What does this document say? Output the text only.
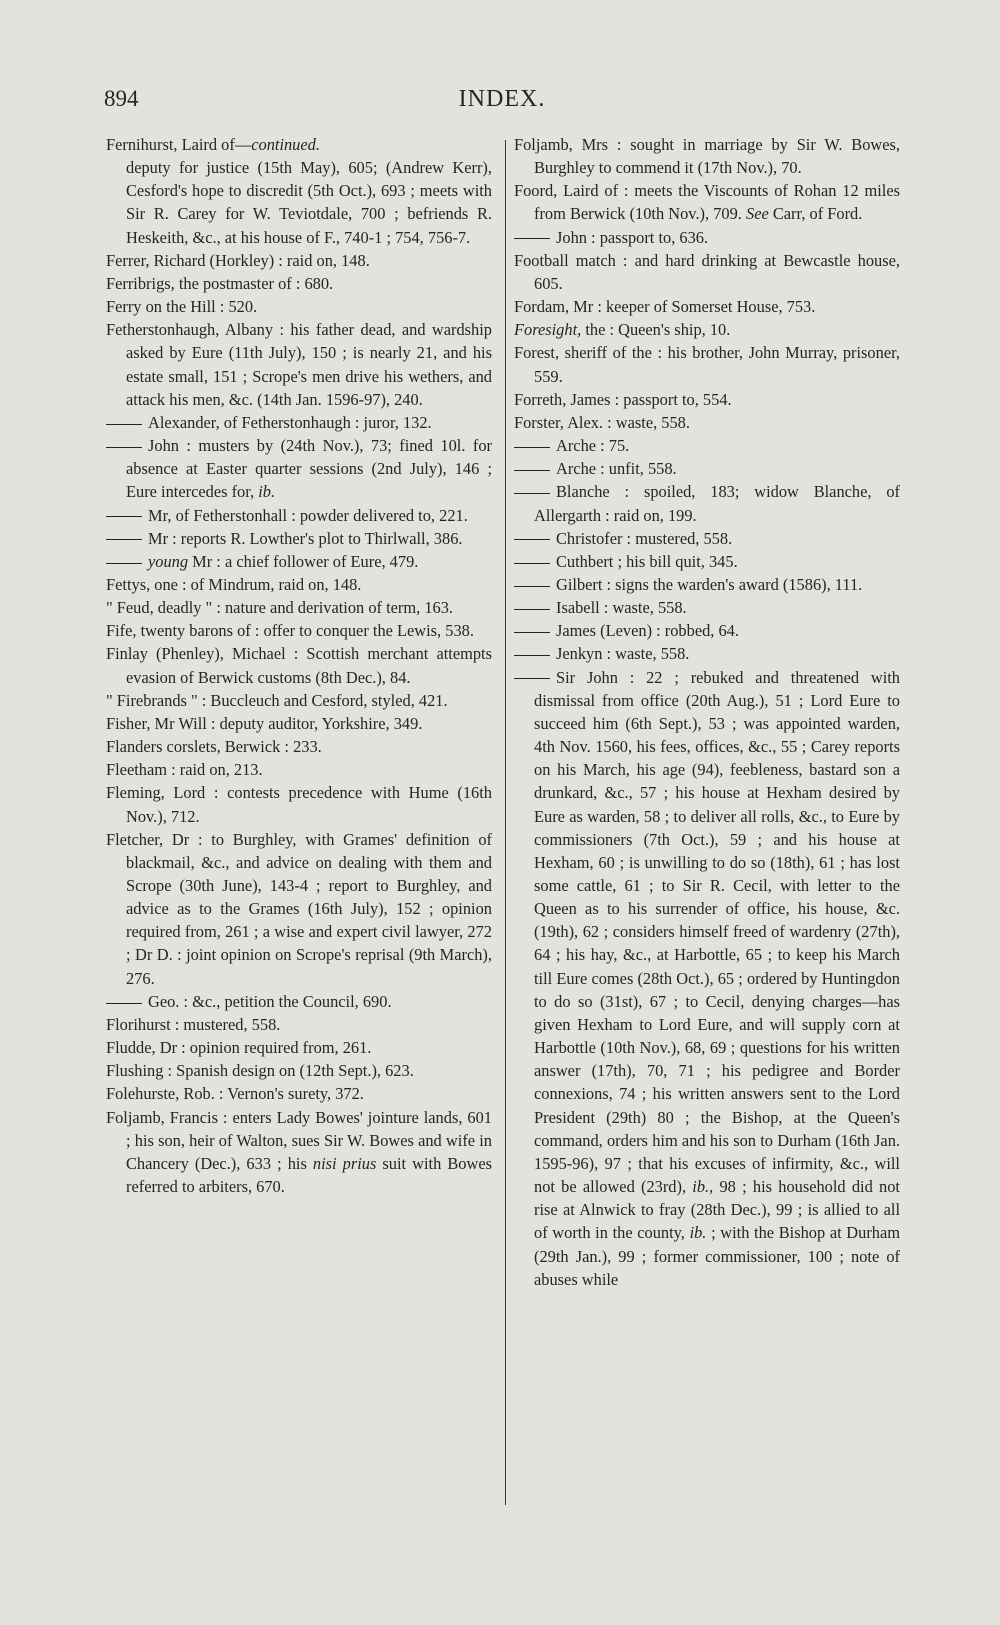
894	INDEX.

Fernihurst, Laird of—continued.
deputy for justice (15th May), 605; (Andrew Kerr), Cesford's hope to discredit (5th Oct.), 693 ; meets with Sir R. Carey for W. Teviotdale, 700 ; befriends R. Heskeith, &c., at his house of F., 740-1 ; 754, 756-7.

Ferrer, Richard (Horkley) : raid on, 148.

Ferribrigs, the postmaster of : 680.

Ferry on the Hill : 520.

Fetherstonhaugh, Albany : his father dead, and wardship asked by Eure (11th July), 150 ; is nearly 21, and his estate small, 151 ; Scrope's men drive his wethers, and attack his men, &c. (14th Jan. 1596-97), 240.

Alexander, of Fetherstonhaugh : juror, 132.

John : musters by (24th Nov.), 73; fined 10l. for absence at Easter quarter sessions (2nd July), 146 ; Eure intercedes for, ib.

Mr, of Fetherstonhall : powder delivered to, 221.

Mr : reports R. Lowther's plot to Thirlwall, 386.

young Mr : a chief follower of Eure, 479.

Fettys, one : of Mindrum, raid on, 148.

" Feud, deadly " : nature and derivation of term, 163.

Fife, twenty barons of : offer to conquer the Lewis, 538.

Finlay (Phenley), Michael : Scottish merchant attempts evasion of Berwick customs (8th Dec.), 84.

" Firebrands " : Buccleuch and Cesford, styled, 421.

Fisher, Mr Will : deputy auditor, Yorkshire, 349.

Flanders corslets, Berwick : 233.

Fleetham : raid on, 213.

Fleming, Lord : contests precedence with Hume (16th Nov.), 712.

Fletcher, Dr : to Burghley, with Grames' definition of blackmail, &c., and advice on dealing with them and Scrope (30th June), 143-4 ; report to Burghley, and advice as to the Grames (16th July), 152 ; opinion required from, 261 ; a wise and expert civil lawyer, 272 ; Dr D. : joint opinion on Scrope's reprisal (9th March), 276.

Geo. : &c., petition the Council, 690.

Florihurst : mustered, 558.

Fludde, Dr : opinion required from, 261.

Flushing : Spanish design on (12th Sept.), 623.

Folehurste, Rob. : Vernon's surety, 372.

Foljamb, Francis : enters Lady Bowes' jointure lands, 601 ; his son, heir of Walton, sues Sir W. Bowes and wife in Chancery (Dec.), 633 ; his nisi prius suit with Bowes referred to arbiters, 670.

Foljamb, Mrs : sought in marriage by Sir W. Bowes, Burghley to commend it (17th Nov.), 70.

Foord, Laird of : meets the Viscounts of Rohan 12 miles from Berwick (10th Nov.), 709. See Carr, of Ford.

John : passport to, 636.

Football match : and hard drinking at Bewcastle house, 605.

Fordam, Mr : keeper of Somerset House, 753.

Foresight, the : Queen's ship, 10.

Forest, sheriff of the : his brother, John Murray, prisoner, 559.

Forreth, James : passport to, 554.

Forster, Alex. : waste, 558.

Arche : 75.

Arche : unfit, 558.

Blanche : spoiled, 183; widow Blanche, of Allergarth : raid on, 199.

Christofer : mustered, 558.

Cuthbert ; his bill quit, 345.

Gilbert : signs the warden's award (1586), 111.

Isabell : waste, 558.

James (Leven) : robbed, 64.

Jenkyn : waste, 558.

Sir John : 22 ; rebuked and threatened with dismissal from office (20th Aug.), 51 ; Lord Eure to succeed him (6th Sept.), 53 ; was appointed warden, 4th Nov. 1560, his fees, offices, &c., 55 ; Carey reports on his March, his age (94), feebleness, bastard son a drunkard, &c., 57 ; his house at Hexham desired by Eure as warden, 58 ; to deliver all rolls, &c., to Eure by commissioners (7th Oct.), 59 ; and his house at Hexham, 60 ; is unwilling to do so (18th), 61 ; has lost some cattle, 61 ; to Sir R. Cecil, with letter to the Queen as to his surrender of office, his house, &c. (19th), 62 ; considers himself freed of wardenry (27th), 64 ; his hay, &c., at Harbottle, 65 ; to keep his March till Eure comes (28th Oct.), 65 ; ordered by Huntingdon to do so (31st), 67 ; to Cecil, denying charges—has given Hexham to Lord Eure, and will supply corn at Harbottle (10th Nov.), 68, 69 ; questions for his written answer (17th), 70, 71 ; his pedigree and Border connexions, 74 ; his written answers sent to the Lord President (29th) 80 ; the Bishop, at the Queen's command, orders him and his son to Durham (16th Jan. 1595-96), 97 ; that his excuses of infirmity, &c., will not be allowed (23rd), ib., 98 ; his household did not rise at Alnwick to fray (28th Dec.), 99 ; is allied to all of worth in the county, ib. ; with the Bishop at Durham (29th Jan.), 99 ; former commissioner, 100 ; note of abuses while
